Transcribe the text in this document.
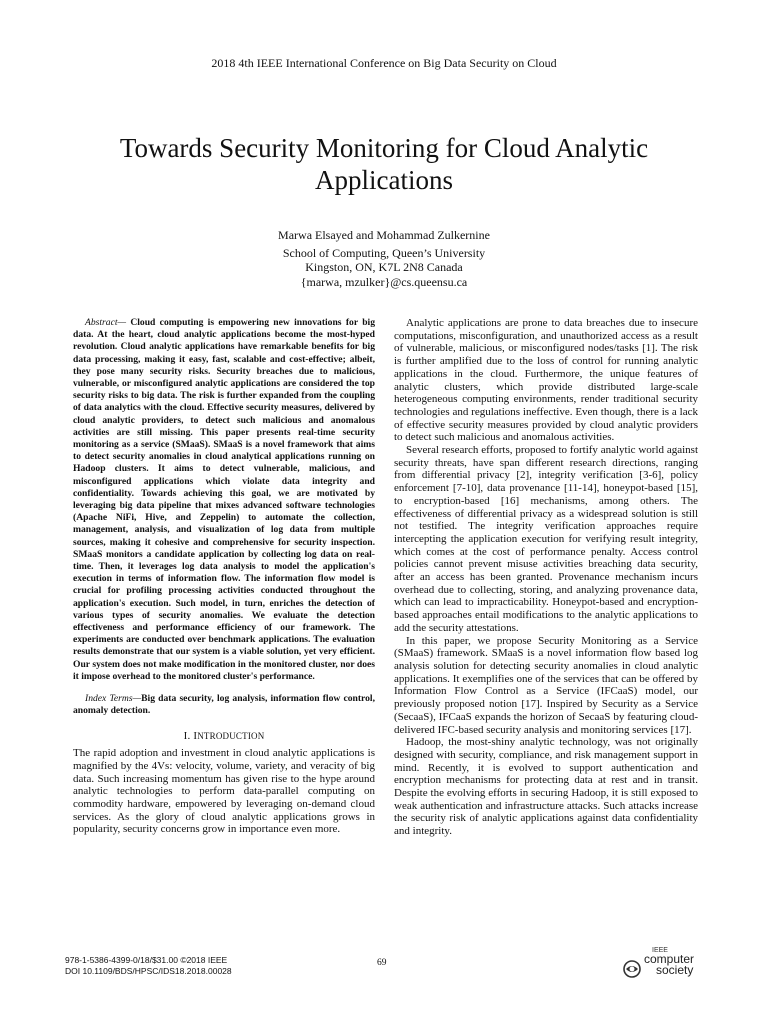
2018 4th IEEE International Conference on Big Data Security on Cloud
Towards Security Monitoring for Cloud Analytic
Applications
Marwa Elsayed and Mohammad Zulkernine
School of Computing, Queen’s University
Kingston, ON, K7L 2N8 Canada
{marwa, mzulker}@cs.queensu.ca

Abstract— Cloud computing is empowering new innovations for big data. At the heart, cloud analytic applications become the most-hyped revolution. Cloud analytic applications have remarkable benefits for big data processing, making it easy, fast, scalable and cost-effective; albeit, they pose many security risks. Security breaches due to malicious, vulnerable, or misconfigured analytic applications are considered the top security risks to big data. The risk is further expanded from the coupling of data analytics with the cloud. Effective security measures, delivered by cloud analytic providers, to detect such malicious and anomalous activities are still missing. This paper presents real-time security monitoring as a service (SMaaS). SMaaS is a novel framework that aims to detect security anomalies in cloud analytical applications running on Hadoop clusters. It aims to detect vulnerable, malicious, and misconfigured applications which violate data integrity and confidentiality. Towards achieving this goal, we are motivated by leveraging big data pipeline that mixes advanced software technologies (Apache NiFi, Hive, and Zeppelin) to automate the collection, management, analysis, and visualization of log data from multiple sources, making it cohesive and comprehensive for security inspection. SMaaS monitors a candidate application by collecting log data on real-time. Then, it leverages log data analysis to model the application's execution in terms of information flow. The information flow model is crucial for profiling processing activities conducted throughout the application's execution. Such model, in turn, enriches the detection of various types of security anomalies. We evaluate the detection effectiveness and performance efficiency of our framework. The experiments are conducted over benchmark applications. The evaluation results demonstrate that our system is a viable solution, yet very efficient. Our system does not make modification in the monitored cluster, nor does it impose overhead to the monitored cluster's performance.

Index Terms—Big data security, log analysis, information flow control, anomaly detection.

I. INTRODUCTION

The rapid adoption and investment in cloud analytic applications is magnified by the 4Vs: velocity, volume, variety, and veracity of big data. Such increasing momentum has given rise to the hype around analytic technologies to perform data-parallel computing on commodity hardware, empowered by leveraging on-demand cloud services. As the glory of cloud analytic applications grows in popularity, security concerns grow in importance even more.

Analytic applications are prone to data breaches due to insecure computations, misconfiguration, and unauthorized access as a result of vulnerable, malicious, or misconfigured nodes/tasks [1]. The risk is further amplified due to the loss of control for running analytic applications in the cloud. Furthermore, the unique features of analytic clusters, which provide distributed large-scale heterogeneous computing environments, render traditional security technologies and regulations ineffective. Even though, there is a lack of effective security measures provided by cloud analytic providers to detect such malicious and anomalous activities.

Several research efforts, proposed to fortify analytic world against security threats, have span different research directions, ranging from differential privacy [2], integrity verification [3-6], policy enforcement [7-10], data provenance [11-14], honeypot-based [15], to encryption-based [16] mechanisms, among others. The effectiveness of differential privacy as a widespread solution is still not testified. The integrity verification approaches require intercepting the application execution for verifying result integrity, which comes at the cost of performance penalty. Access control policies cannot prevent misuse activities breaching data security, after an access has been granted. Provenance mechanism incurs overhead due to collecting, storing, and analyzing provenance data, which can lead to impracticability. Honeypot-based and encryption-based approaches entail modifications to the analytic applications to add the security attestations.

In this paper, we propose Security Monitoring as a Service (SMaaS) framework. SMaaS is a novel information flow based log analysis solution for detecting security anomalies in cloud analytic applications. It exemplifies one of the services that can be offered by Information Flow Control as a Service (IFCaaS) model, our previously proposed notion [17]. Inspired by Security as a Service (SecaaS), IFCaaS expands the horizon of SecaaS by featuring cloud-delivered IFC-based security analysis and monitoring services [17].

Hadoop, the most-shiny analytic technology, was not originally designed with security, compliance, and risk management support in mind. Recently, it is evolved to support authentication and encryption mechanisms for protecting data at rest and in transit. Despite the evolving efforts in securing Hadoop, it is still exposed to weak authentication and infrastructure attacks. Such attacks increase the security risk of analytic applications against data confidentiality and integrity.

978-1-5386-4399-0/18/$31.00 ©2018 IEEE
DOI 10.1109/BDS/HPSC/IDS18.2018.00028
69
IEEE
computer
society
